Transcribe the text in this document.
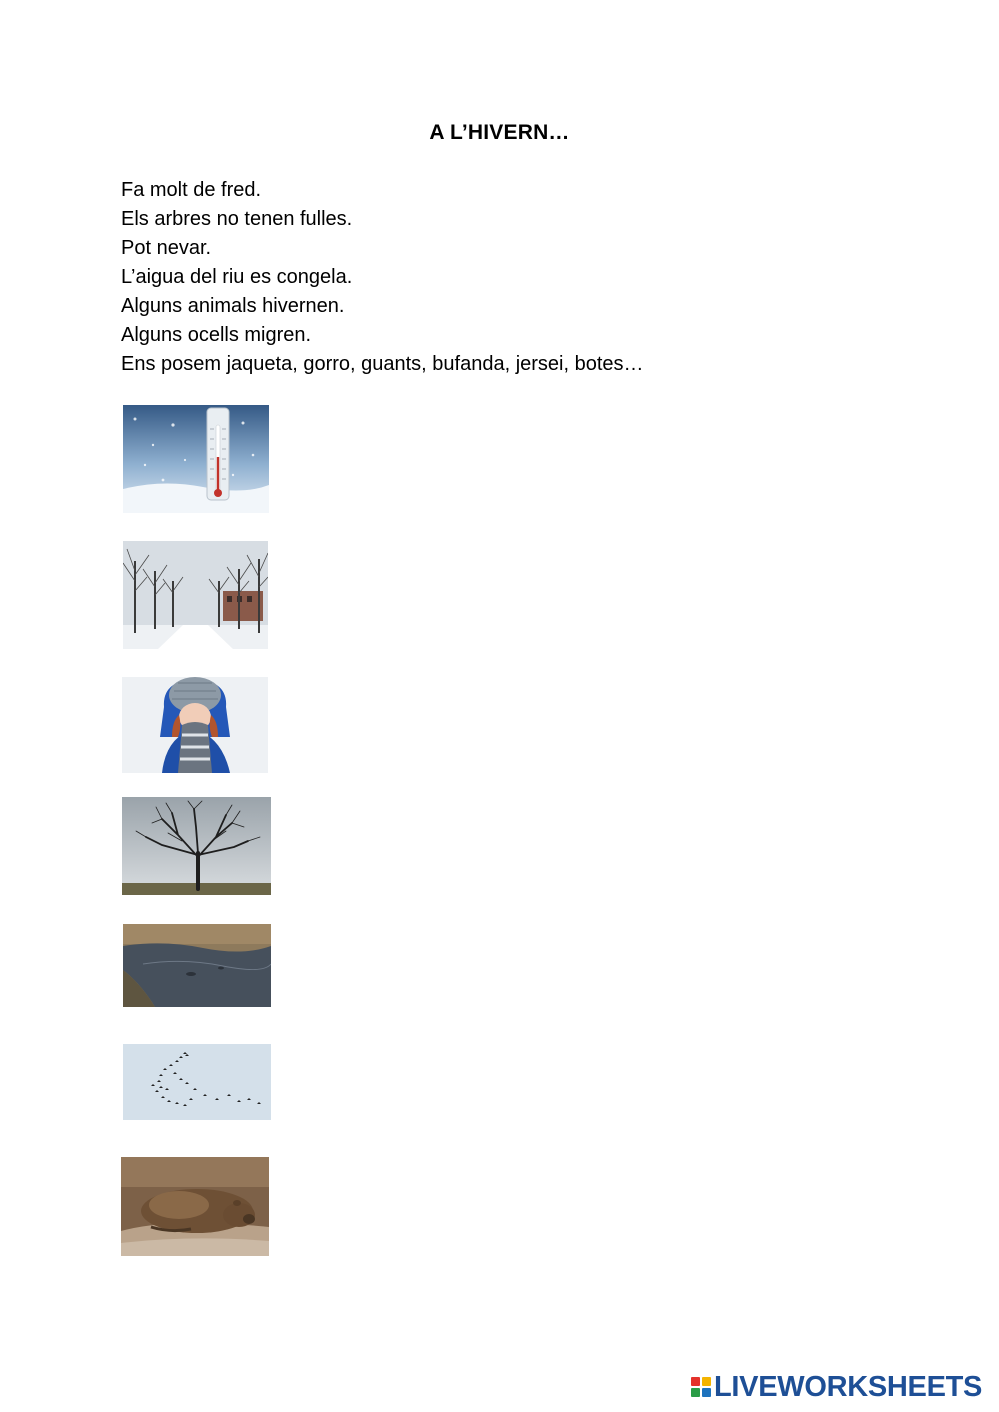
A L’HIVERN…
Fa molt de fred.
Els arbres no tenen fulles.
Pot nevar.
L’aigua del riu es congela.
Alguns animals hivernen.
Alguns ocells migren.
Ens posem jaqueta, gorro, guants, bufanda, jersei, botes…
LIVEWORKSHEETS
